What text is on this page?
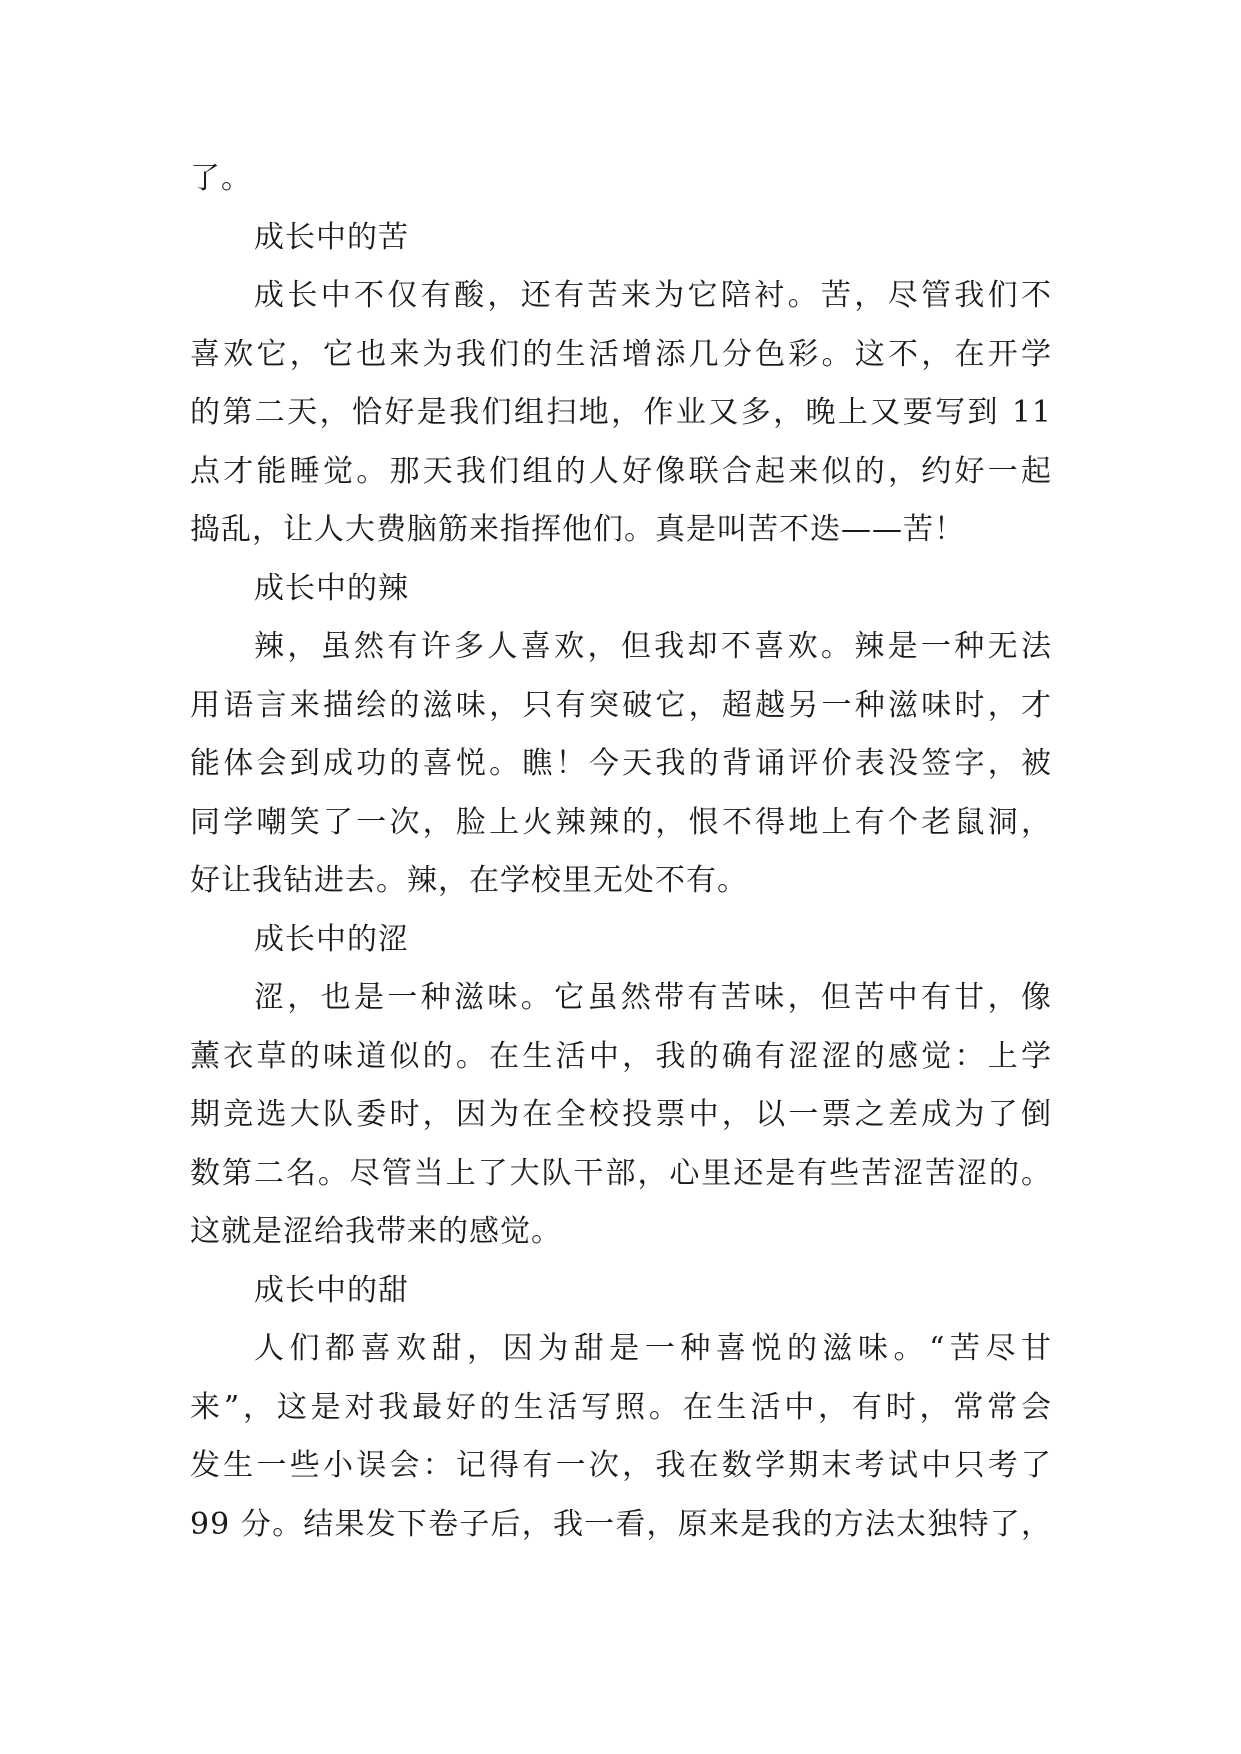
了。
成长中的苦
成长中不仅有酸，还有苦来为它陪衬。苦，尽管我们不
喜欢它，它也来为我们的生活增添几分色彩。这不，在开学
的第二天，恰好是我们组扫地，作业又多，晚上又要写到 11
点才能睡觉。那天我们组的人好像联合起来似的，约好一起
捣乱，让人大费脑筋来指挥他们。真是叫苦不迭——苦！
成长中的辣
辣，虽然有许多人喜欢，但我却不喜欢。辣是一种无法
用语言来描绘的滋味，只有突破它，超越另一种滋味时，才
能体会到成功的喜悦。瞧！今天我的背诵评价表没签字，被
同学嘲笑了一次，脸上火辣辣的，恨不得地上有个老鼠洞，
好让我钻进去。辣，在学校里无处不有。
成长中的涩
涩，也是一种滋味。它虽然带有苦味，但苦中有甘，像
薰衣草的味道似的。在生活中，我的确有涩涩的感觉：上学
期竞选大队委时，因为在全校投票中，以一票之差成为了倒
数第二名。尽管当上了大队干部，心里还是有些苦涩苦涩的。
这就是涩给我带来的感觉。
成长中的甜
人们都喜欢甜，因为甜是一种喜悦的滋味。“苦尽甘
来”，这是对我最好的生活写照。在生活中，有时，常常会
发生一些小误会：记得有一次，我在数学期末考试中只考了
99 分。结果发下卷子后，我一看，原来是我的方法太独特了，
